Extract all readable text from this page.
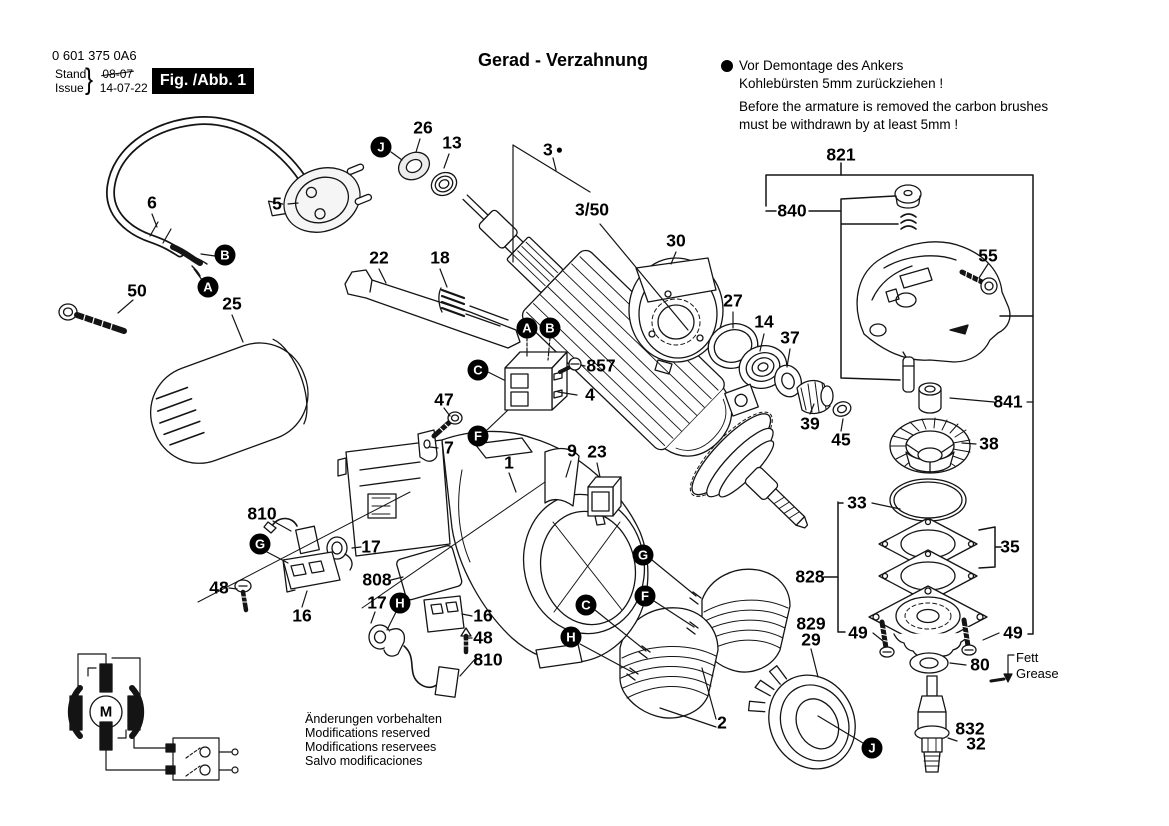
0 601 375 0A6
Stand 08-07
Issue 14-07-22
}	Fig. /Abb. 1
Gerad - Verzahnung	Vor Demontage des Ankers
Kohlebürsten 5mm zurückziehen !
Before the armature is removed the carbon brushes
must be withdrawn by at least 5mm !
Änderungen vorbehalten
Modifications reserved
Modifications reservees
Salvo modificaciones
Fett
Grease
M
26
13	3 ●
3/50
5
6
50
25
22 18
30
27
14
37
39
45
821
840
55
841
38
33
35
828
829
29 49	49
80
832
32
857
4
47
7
1
9 23
810
17
48
16
808
17
16
48
810
2
J
B
A
A B
C
F
G
H
G
F
C
H
J
